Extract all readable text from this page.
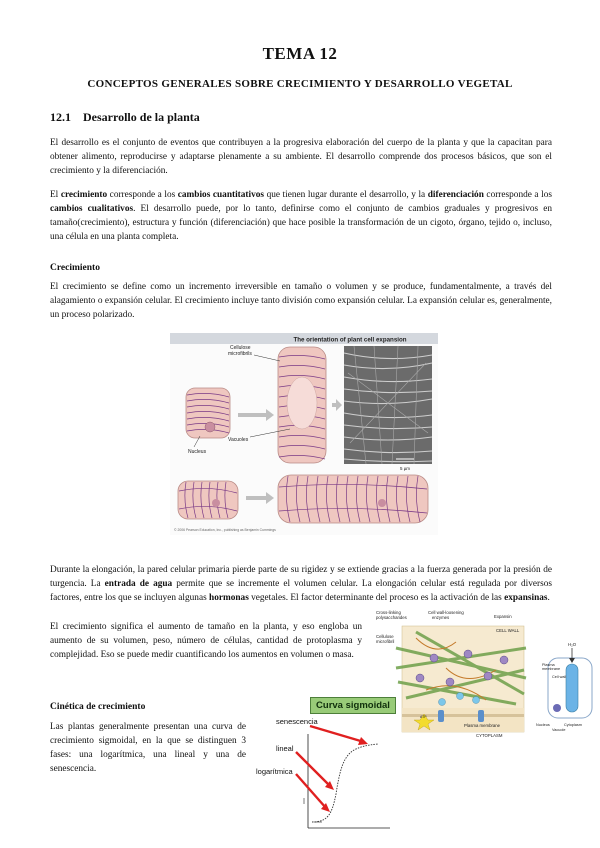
TEMA 12
CONCEPTOS GENERALES SOBRE CRECIMIENTO Y DESARROLLO VEGETAL
12.1 Desarrollo de la planta

El desarrollo es el conjunto de eventos que contribuyen a la progresiva elaboración del cuerpo de la planta y que la capacitan para obtener alimento, reproducirse y adaptarse plenamente a su ambiente. El desarrollo comprende dos procesos básicos, que son el crecimiento y la diferenciación.

El crecimiento corresponde a los cambios cuantitativos que tienen lugar durante el desarrollo, y la diferenciación corresponde a los cambios cualitativos. El desarrollo puede, por lo tanto, definirse como el conjunto de cambios graduales y progresivos en tamaño(crecimiento), estructura y función (diferenciación) que hace posible la transformación de un cigoto, órgano, tejido o, incluso, una célula en una planta completa.

Crecimiento

El crecimiento se define como un incremento irreversible en tamaño o volumen y se produce, fundamentalmente, a través del alagamiento o expansión celular. El crecimiento incluye tanto división como expansión celular. La expansión celular es, generalmente, un proceso polarizado.

The orientation of plant cell expansion
Nucleus
Cellulose
microfibrils
Vacuoles
5 µm
© 2006 Pearson Education, Inc., publishing as Benjamin Cummings

Durante la elongación, la pared celular primaria pierde parte de su rigidez y se extiende gracias a la fuerza generada por la presión de turgencia. La entrada de agua permite que se incremente el volumen celular. La elongación celular está regulada por diversos factores, entre los que se incluyen algunas hormonas vegetales. El factor determinante del proceso es la activación de las expansinas.

El crecimiento significa el aumento de tamaño en la planta, y eso engloba un aumento de su volumen, peso, número de células, cantidad de protoplasma y complejidad. Eso se puede medir cuantificando los aumentos en volumen o masa.

Cross-linking
polysaccharides
Cell wall-loosening
enzymes	Expansin
CELL WALL
Cellulose
microfibril
ATP
Plasma membrane
CYTOPLASM
Plasma
membrane
Cell wall
H₂O
Nucleus	Cytoplasm
Vacuole
Cinética de crecimiento

Las plantas generalmente presentan una curva de crecimiento sigmoidal, en la que se distinguen 3 fases: una logarítmica, una lineal y una de senescencia.

Curva sigmoidal
senescencia
lineal
logarítmica
